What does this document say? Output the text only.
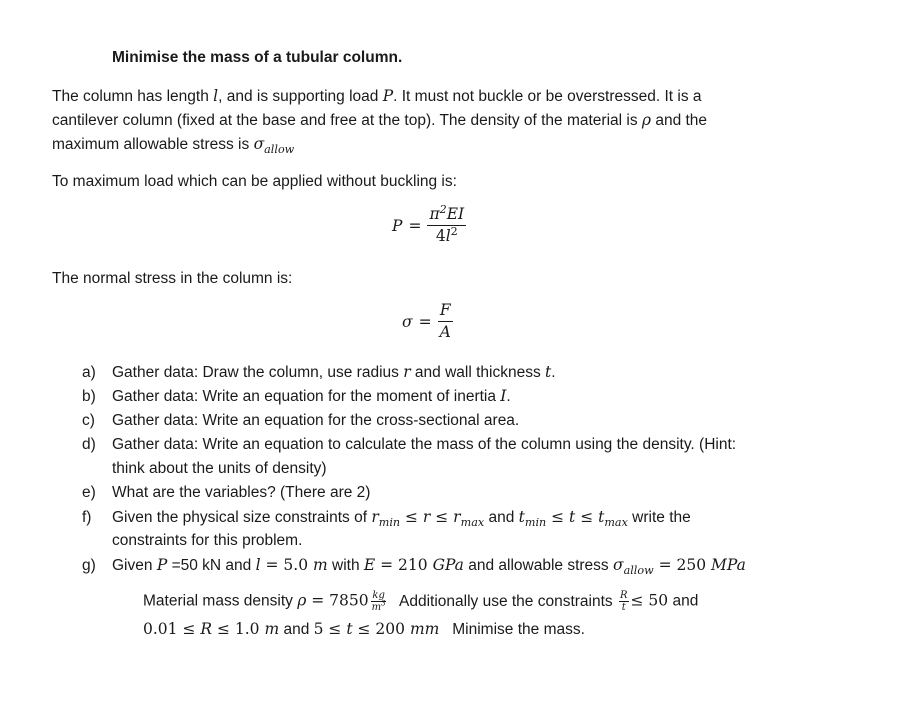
Minimise the mass of a tubular column.
The column has length l, and is supporting load P. It must not buckle or be overstressed. It is a
cantilever column (fixed at the base and free at the top). The density of the material is ρ and the
maximum allowable stress is $\sigma_{allow}$
To maximum load which can be applied without buckling is:
$P = \frac{\pi^2EI}{4l^2}$
The normal stress in the column is:
$\sigma = \frac{F}{A}$
a) Gather data: Draw the column, use radius r and wall thickness t.
b) Gather data: Write an equation for the moment of inertia I.
c) Gather data: Write an equation for the cross-sectional area.
d) Gather data: Write an equation to calculate the mass of the column using the density. (Hint:
think about the units of density)
e) What are the variables? (There are 2)
f) Given the physical size constraints of $r_{min} \le r \le r_{max}$ and $t_{min} \le t \le t_{max}$ write the
constraints for this problem.
g) Given P =50 kN and l = 5.0 m with E = 210 GPa and allowable stress $\sigma_{allow} = 250$ MPa
Material mass density $\rho = 7850 \frac{kg}{m^3}$ Additionally use the constraints $\frac{R}{t} \le 50$ and
0.01 ≤ R ≤ 1.0 m and 5 ≤ t ≤ 200 mm Minimise the mass.
